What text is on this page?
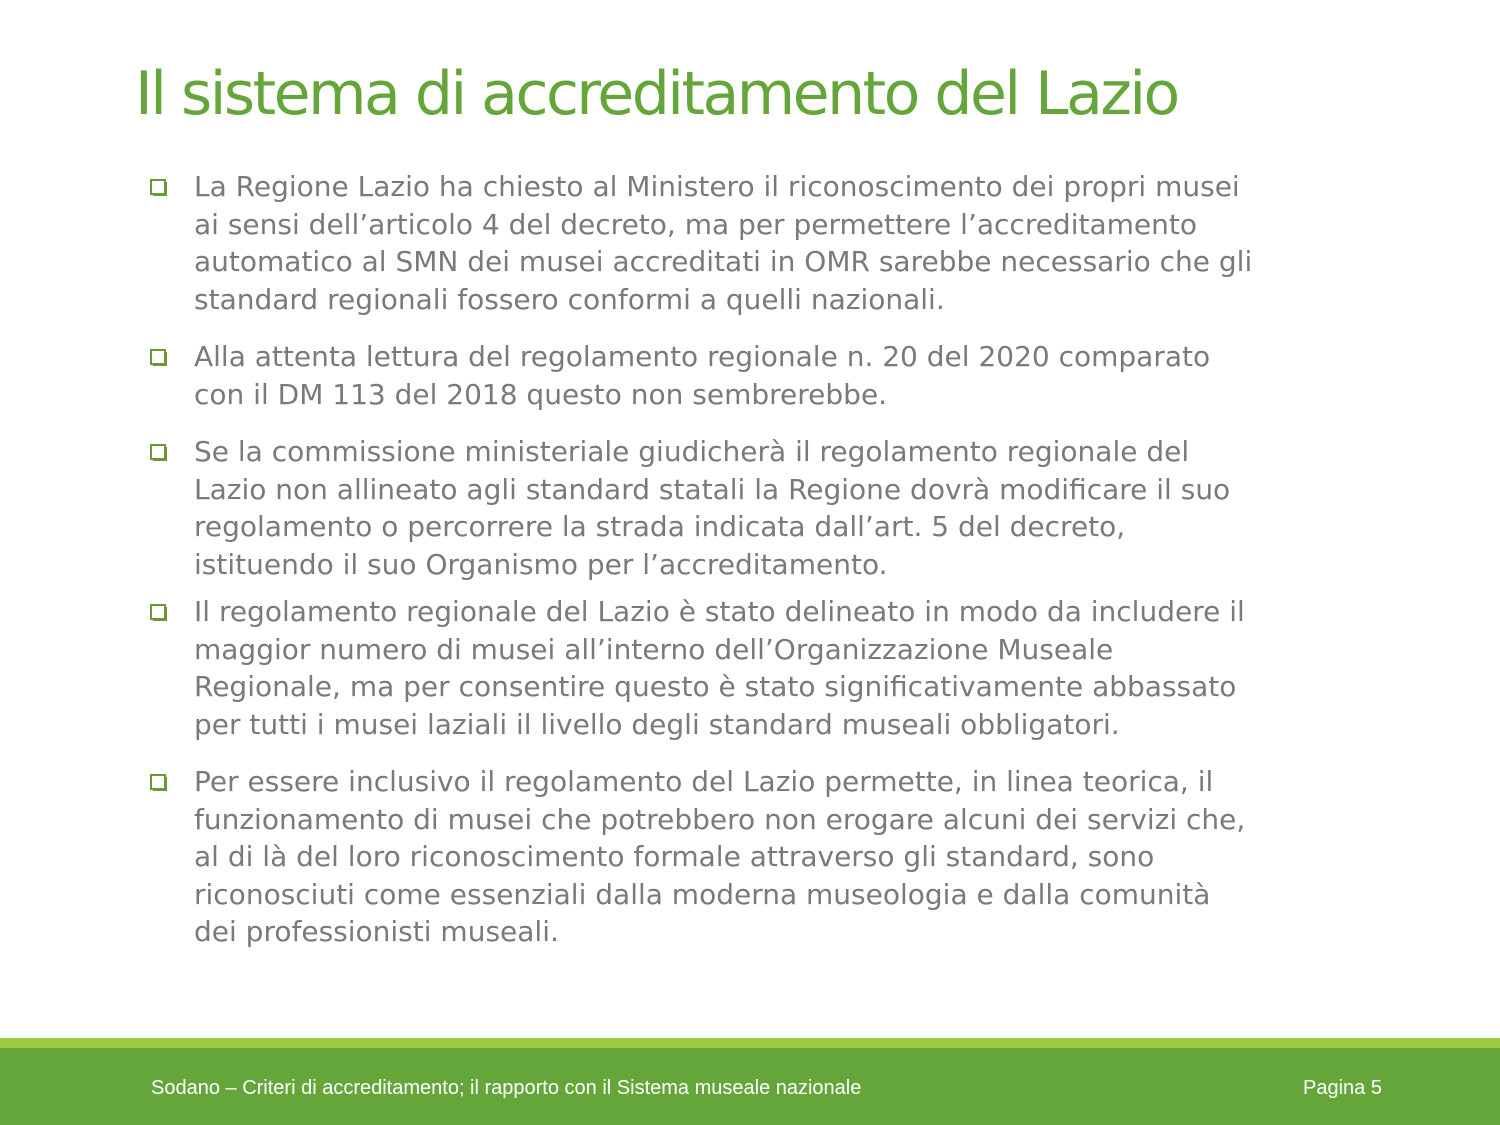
Il sistema di accreditamento del Lazio
La Regione Lazio ha chiesto al Ministero il riconoscimento dei propri musei
ai sensi dell’articolo 4 del decreto, ma per permettere l’accreditamento
automatico al SMN dei musei accreditati in OMR sarebbe necessario che gli
standard regionali fossero conformi a quelli nazionali.
Alla attenta lettura del regolamento regionale n. 20 del 2020 comparato
con il DM 113 del 2018 questo non sembrerebbe.
Se la commissione ministeriale giudicherà il regolamento regionale del
Lazio non allineato agli standard statali la Regione dovrà modificare il suo
regolamento o percorrere la strada indicata dall’art. 5 del decreto,
istituendo il suo Organismo per l’accreditamento.
Il regolamento regionale del Lazio è stato delineato in modo da includere il
maggior numero di musei all’interno dell’Organizzazione Museale
Regionale, ma per consentire questo è stato significativamente abbassato
per tutti i musei laziali il livello degli standard museali obbligatori.
Per essere inclusivo il regolamento del Lazio permette, in linea teorica, il
funzionamento di musei che potrebbero non erogare alcuni dei servizi che,
al di là del loro riconoscimento formale attraverso gli standard, sono
riconosciuti come essenziali dalla moderna museologia e dalla comunità
dei professionisti museali.
Sodano – Criteri di accreditamento; il rapporto con il Sistema museale nazionale	Pagina 5
